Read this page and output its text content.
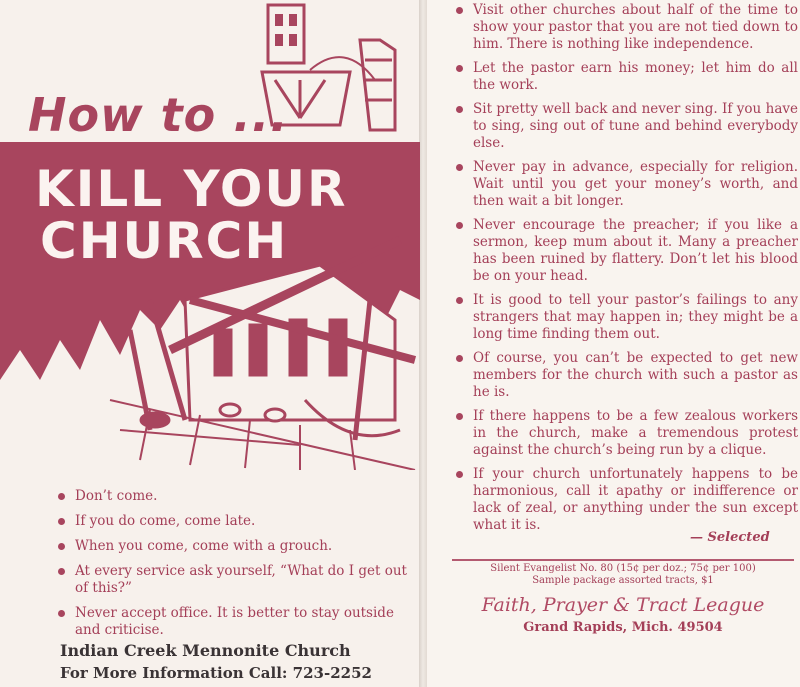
How to ...
KILL YOUR
CHURCH
Don’t come.
If you do come, come late.
When you come, come with a grouch.
At every service ask yourself, “What do I get out of this?”
Never accept office. It is better to stay outside and criticise.
Indian Creek Mennonite Church
For More Information Call: 723-2252
Visit other churches about half of the time to show your pastor that you are not tied down to him. There is nothing like independence.
Let the pastor earn his money; let him do all the work.
Sit pretty well back and never sing. If you have to sing, sing out of tune and behind everybody else.
Never pay in advance, especially for religion. Wait until you get your money’s worth, and then wait a bit longer.
Never encourage the preacher; if you like a sermon, keep mum about it. Many a preacher has been ruined by flattery. Don’t let his blood be on your head.
It is good to tell your pastor’s failings to any strangers that may happen in; they might be a long time finding them out.
Of course, you can’t be expected to get new members for the church with such a pastor as he is.
If there happens to be a few zealous workers in the church, make a tremendous protest against the church’s being run by a clique.
If your church unfortunately happens to be harmonious, call it apathy or indifference or lack of zeal, or anything under the sun except what it is.
— Selected
Silent Evangelist No. 80 (15¢ per doz.; 75¢ per 100)
Sample package assorted tracts, $1
Faith, Prayer & Tract League
Grand Rapids, Mich. 49504
